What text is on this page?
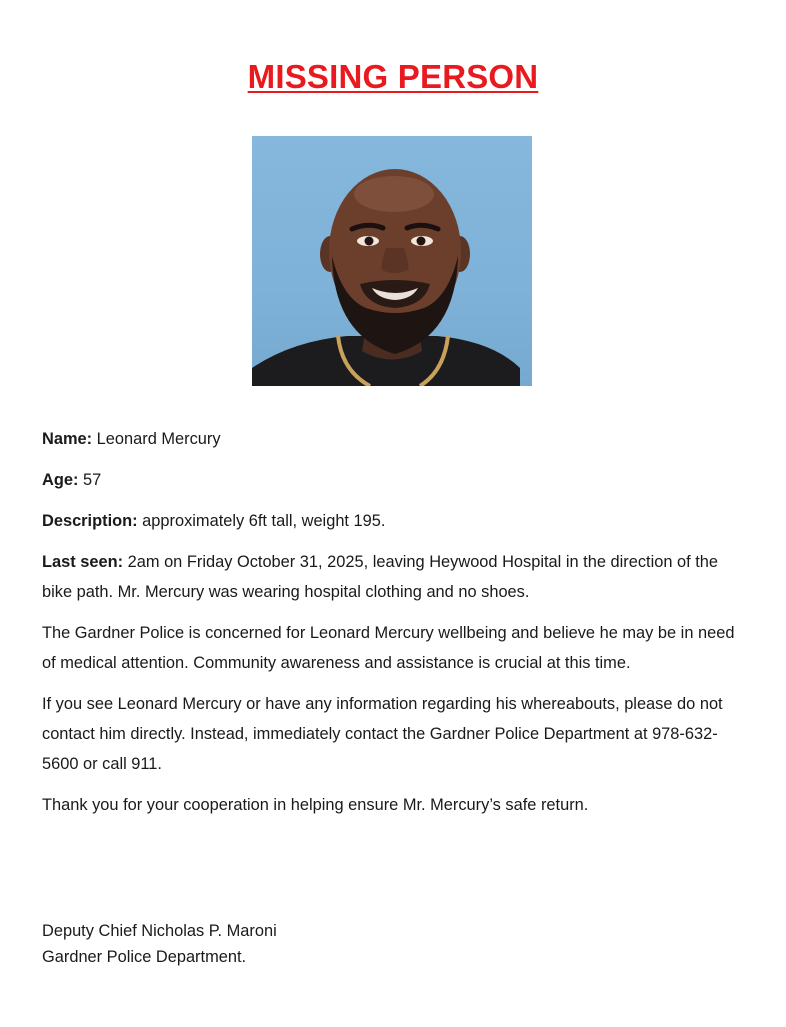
MISSING PERSON

Name: Leonard Mercury

Age: 57

Description: approximately 6ft tall, weight 195.

Last seen: 2am on Friday October 31, 2025, leaving Heywood Hospital in the direction of the bike path. Mr. Mercury was wearing hospital clothing and no shoes.

The Gardner Police is concerned for Leonard Mercury wellbeing and believe he may be in need of medical attention. Community awareness and assistance is crucial at this time.

If you see Leonard Mercury or have any information regarding his whereabouts, please do not contact him directly. Instead, immediately contact the Gardner Police Department at 978-632-5600 or call 911.

Thank you for your cooperation in helping ensure Mr. Mercury’s safe return.

Deputy Chief Nicholas P. Maroni
Gardner Police Department.
